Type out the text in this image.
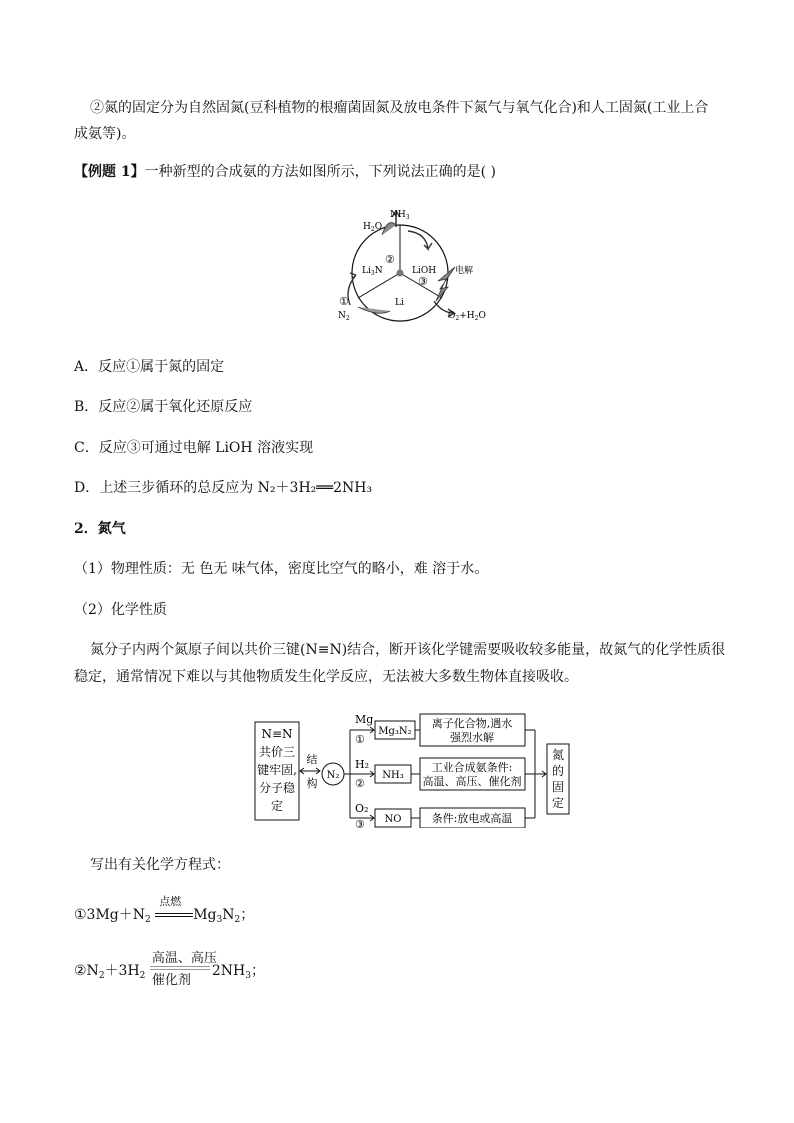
②氮的固定分为自然固氮(豆科植物的根瘤菌固氮及放电条件下氮气与氧气化合)和人工固氮(工业上合
成氨等)。
【例题 1】一种新型的合成氨的方法如图所示，下列说法正确的是( )
$NH_3$
$H_2O$
②
$Li_3N$	LiOH
③
电解
Li
①
$N_2$	$O_2+H_2O$
A．反应①属于氮的固定
B．反应②属于氧化还原反应
C．反应③可通过电解 LiOH 溶液实现
D．上述三步循环的总反应为 N₂＋3H₂══2NH₃
2．氮气
（1）物理性质：无 色无 味气体，密度比空气的略小，难 溶于水。
（2）化学性质
氮分子内两个氮原子间以共价三键(N≡N)结合，断开该化学键需要吸收较多能量，故氮气的化学性质很
稳定，通常情况下难以与其他物质发生化学反应，无法被大多数生物体直接吸收。
N≡N
共价三
键牢固,
分子稳
定
结
构
N₂
Mg
①
Mg₃N₂
离子化合物,遇水
强烈水解
H₂
②
NH₃
工业合成氨条件:
高温、高压、催化剂
O₂
③ NO	条件:放电或高温
氮
的
固
定
写出有关化学方程式：
$①3Mg+N_2$
点燃
$Mg_3N_2$；
$②N_2+3H_2$
高温、高压
催化剂
$2NH_3$；
